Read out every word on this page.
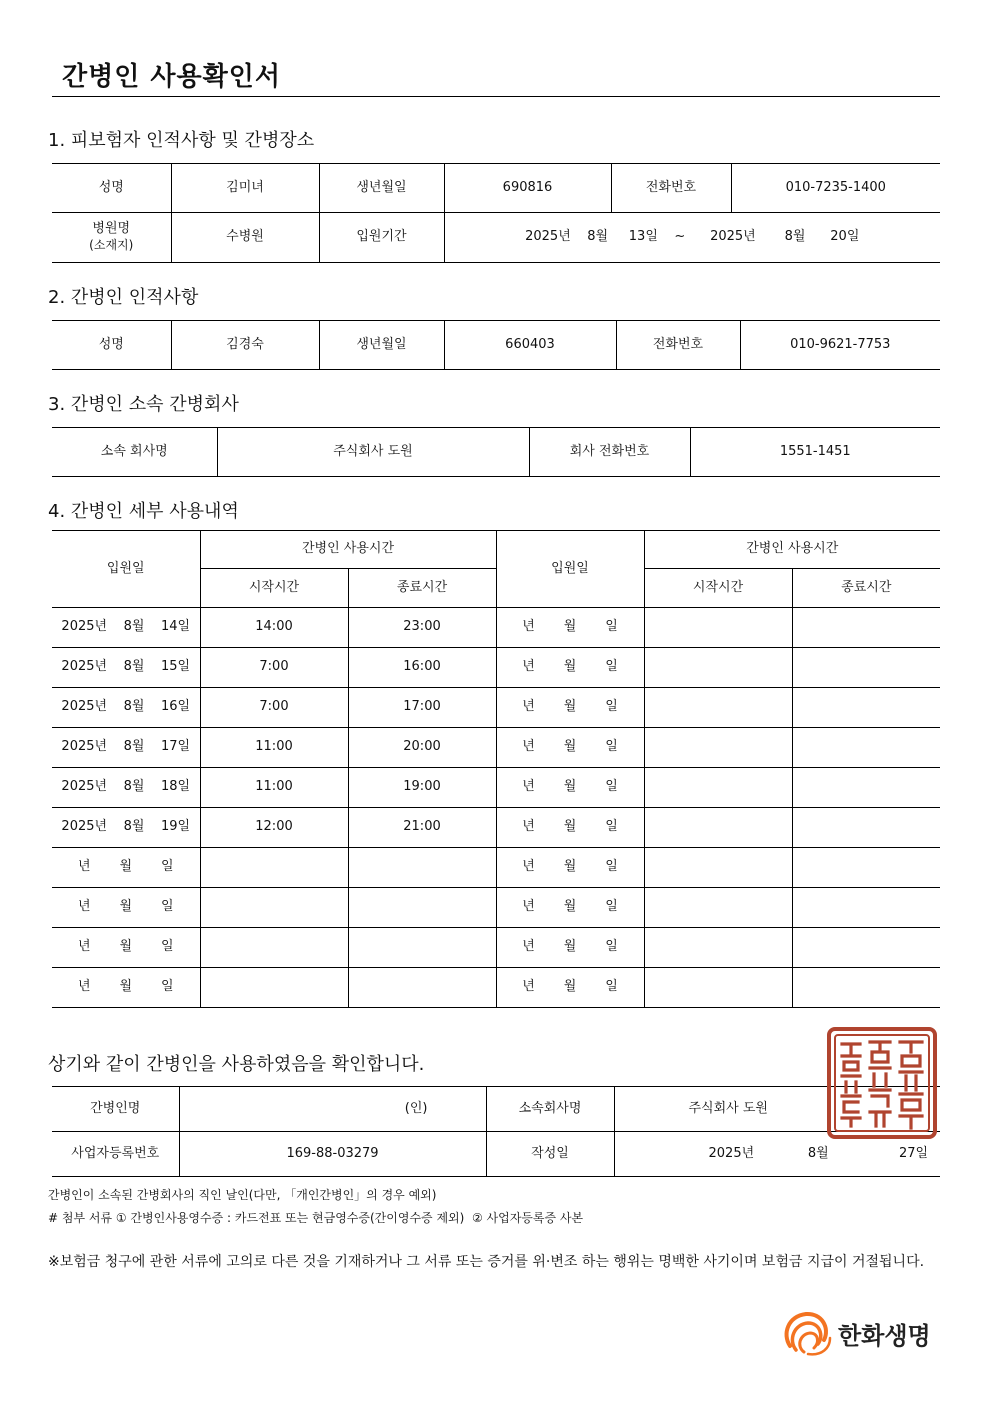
간병인 사용확인서
1. 피보험자 인적사항 및 간병장소
성명	김미녀	생년월일	690816	전화번호	010-7235-1400

병원명
(소재지)	수병원	입원기간	2025년    8월     13일    ~      2025년       8월      20일		
2. 간병인 인적사항
성명	김경숙	생년월일	660403	전화번호	010-9621-7753
3. 간병인 소속 간병회사
소속 회사명	주식회사 도원	회사 전화번호	1551-1451
4. 간병인 세부 사용내역
입원일	간병인 사용시간		입원일	간병인 사용시간	
	시작시간	종료시간		시작시간	종료시간
2025년    8월    14일	14:00	23:00	년       월       일		
2025년    8월    15일	7:00	16:00	년       월       일		
2025년    8월    16일	7:00	17:00	년       월       일		
2025년    8월    17일	11:00	20:00	년       월       일		
2025년    8월    18일	11:00	19:00	년       월       일		
2025년    8월    19일	12:00	21:00	년       월       일		
년       월       일			년       월       일		
년       월       일			년       월       일		
년       월       일			년       월       일		
년       월       일			년       월       일		
상기와 같이 간병인을 사용하였음을 확인합니다.
간병인명	(인)	소속회사명	주식회사 도원
사업자등록번호	169-88-03279	작성일	2025년             8월                 27일
간병인이 소속된 간병회사의 직인 날인(다만, 「개인간병인」의 경우 예외)
# 첨부 서류 ① 간병인사용영수증 : 카드전표 또는 현금영수증(간이영수증 제외)  ② 사업자등록증 사본
※보험금 청구에 관한 서류에 고의로 다른 것을 기재하거나 그 서류 또는 증거를 위·변조 하는 행위는 명백한 사기이며 보험금 지급이 거절됩니다.
한화생명
